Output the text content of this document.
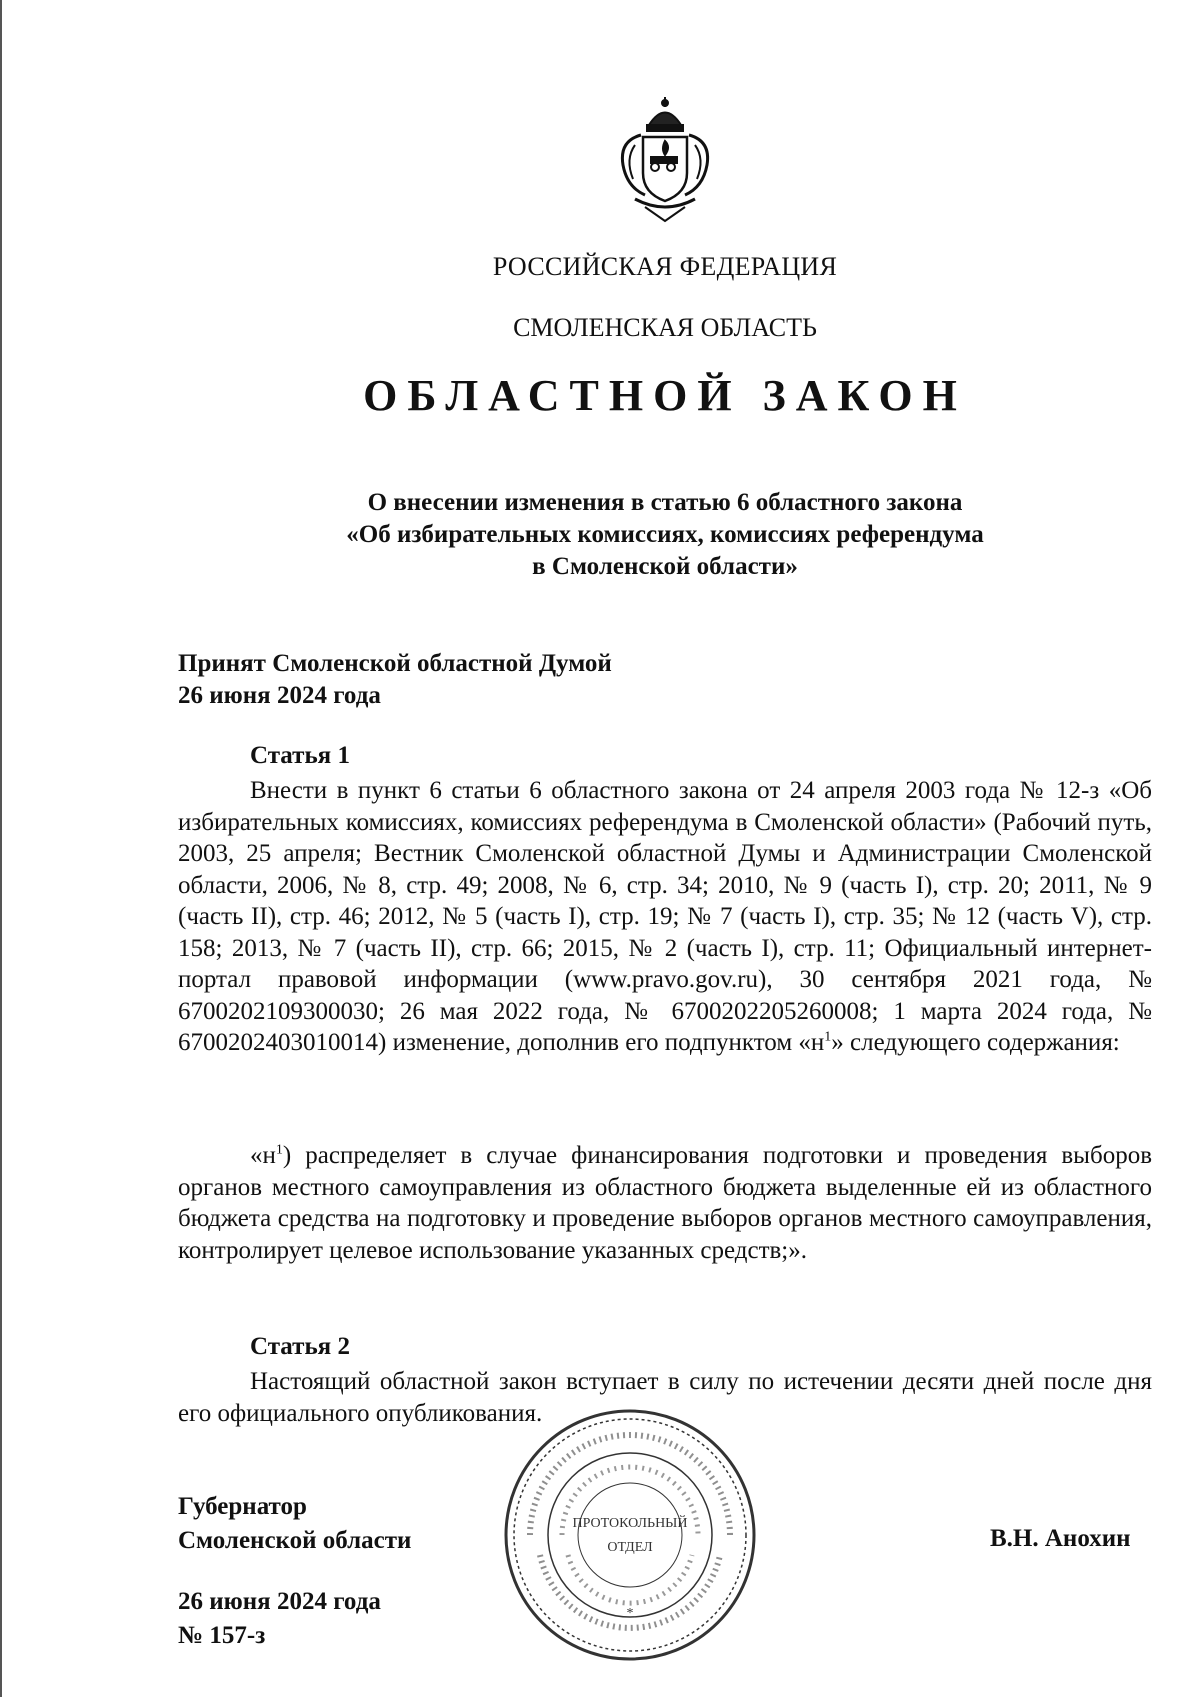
РОССИЙСКАЯ ФЕДЕРАЦИЯ
СМОЛЕНСКАЯ ОБЛАСТЬ
ОБЛАСТНОЙ ЗАКОН
О внесении изменения в статью 6 областного закона
«Об избирательных комиссиях, комиссиях референдума
в Смоленской области»
Принят Смоленской областной Думой
26 июня 2024 года
Статья 1
Внести в пункт 6 статьи 6 областного закона от 24 апреля 2003 года № 12-з «Об избирательных комиссиях, комиссиях референдума в Смоленской области» (Рабочий путь, 2003, 25 апреля; Вестник Смоленской областной Думы и Администрации Смоленской области, 2006, № 8, стр. 49; 2008, № 6, стр. 34; 2010, № 9 (часть I), стр. 20; 2011, № 9 (часть II), стр. 46; 2012, № 5 (часть I), стр. 19; № 7 (часть I), стр. 35; № 12 (часть V), стр. 158; 2013, № 7 (часть II), стр. 66; 2015, № 2 (часть I), стр. 11; Официальный интернет-портал правовой информации (www.pravo.gov.ru), 30 сентября 2021 года, № 6700202109300030; 26 мая 2022 года, № 6700202205260008; 1 марта 2024 года, № 6700202403010014) изменение, дополнив его подпунктом «$н^1$» следующего содержания:
«$н^1$) распределяет в случае финансирования подготовки и проведения выборов органов местного самоуправления из областного бюджета выделенные ей из областного бюджета средства на подготовку и проведение выборов органов местного самоуправления, контролирует целевое использование указанных средств;».
Статья 2
Настоящий областной закон вступает в силу по истечении десяти дней после дня его официального опубликования.
Губернатор
Смоленской области	В.Н. Анохин
26 июня 2024 года
№ 157-з
ПРОТОКОЛЬНЫЙ
ОТДЕЛ
*
